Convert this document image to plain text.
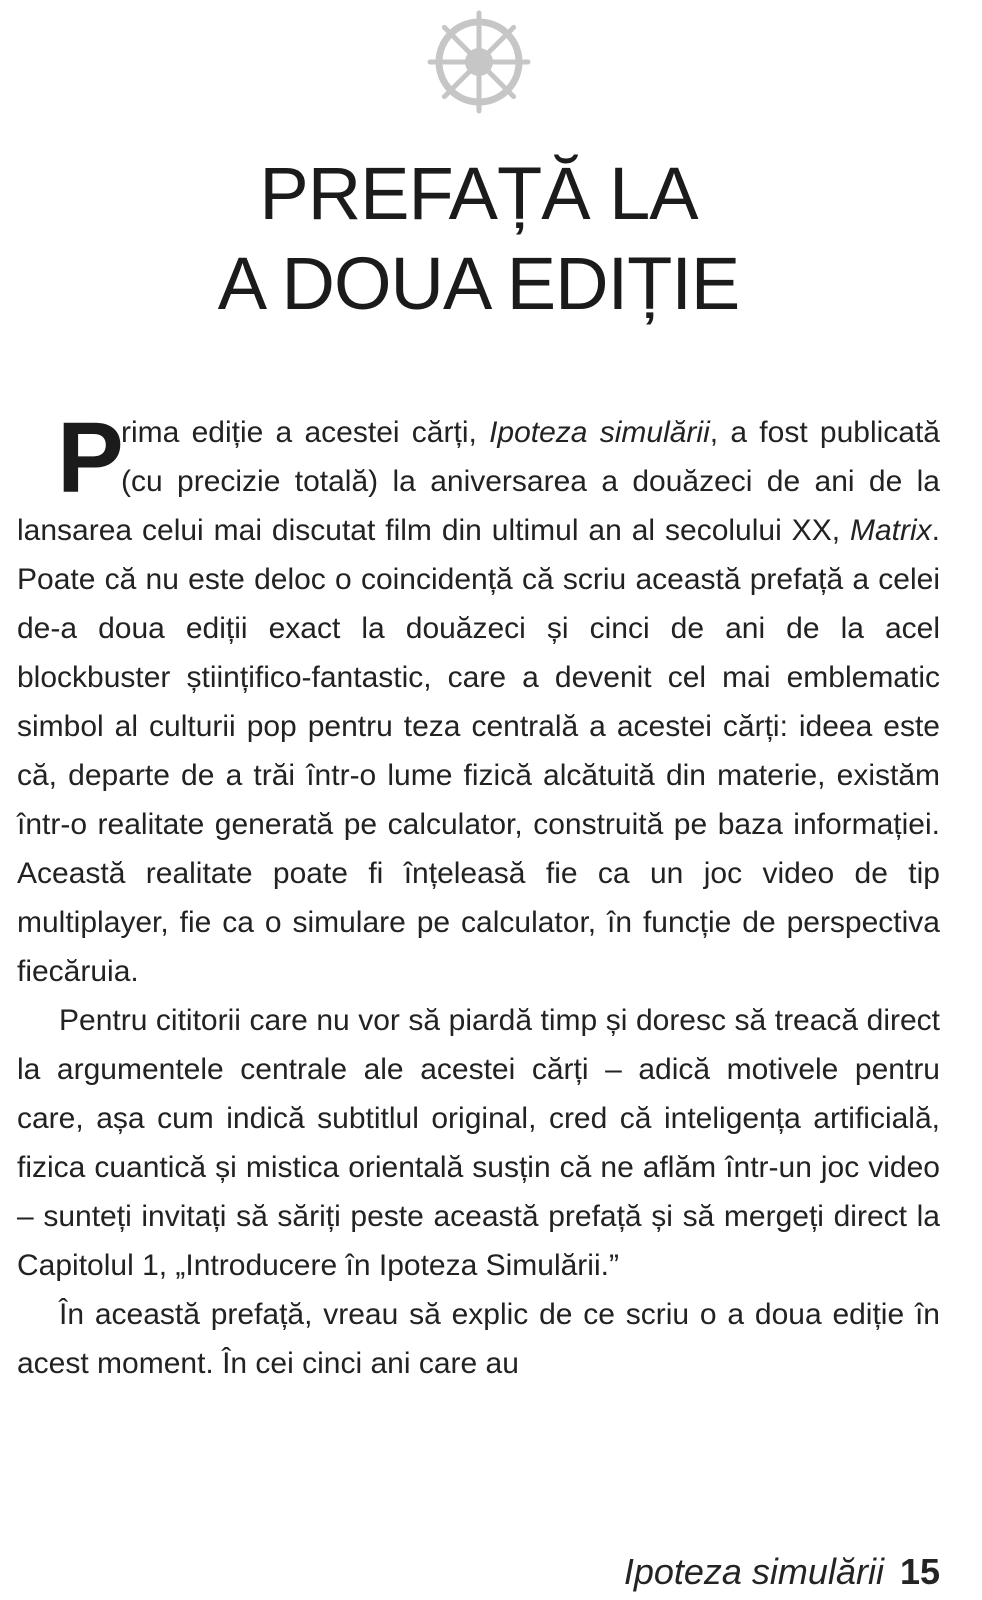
PREFAȚĂ LA
A DOUA EDIȚIE

P
rima ediție a acestei cărți, Ipoteza simulării, a fost publicată (cu precizie totală) la aniversarea a douăzeci de ani de la lansarea celui mai discutat film din ultimul an al secolului XX, Matrix. Poate că nu este deloc o coincidență că scriu această prefață a celei de-a doua ediții exact la douăzeci și cinci de ani de la acel blockbuster științifico-fantastic, care a devenit cel mai emblematic simbol al culturii pop pentru teza centrală a acestei cărți: ideea este că, departe de a trăi într-o lume fizică alcătuită din materie, existăm într-o realitate generată pe calculator, construită pe baza informației. Această realitate poate fi înțeleasă fie ca un joc video de tip multiplayer, fie ca o simulare pe calculator, în funcție de perspectiva fiecăruia.

Pentru cititorii care nu vor să piardă timp și doresc să treacă direct la argumentele centrale ale acestei cărți – adică motivele pentru care, așa cum indică subtitlul original, cred că inteligența artificială, fizica cuantică și mistica orientală susțin că ne aflăm într-un joc video – sunteți invitați să săriți peste această prefață și să mergeți direct la Capitolul 1, „Introducere în Ipoteza Simulării.”

În această prefață, vreau să explic de ce scriu o a doua ediție în acest moment. În cei cinci ani care au

Ipoteza simulării 15
